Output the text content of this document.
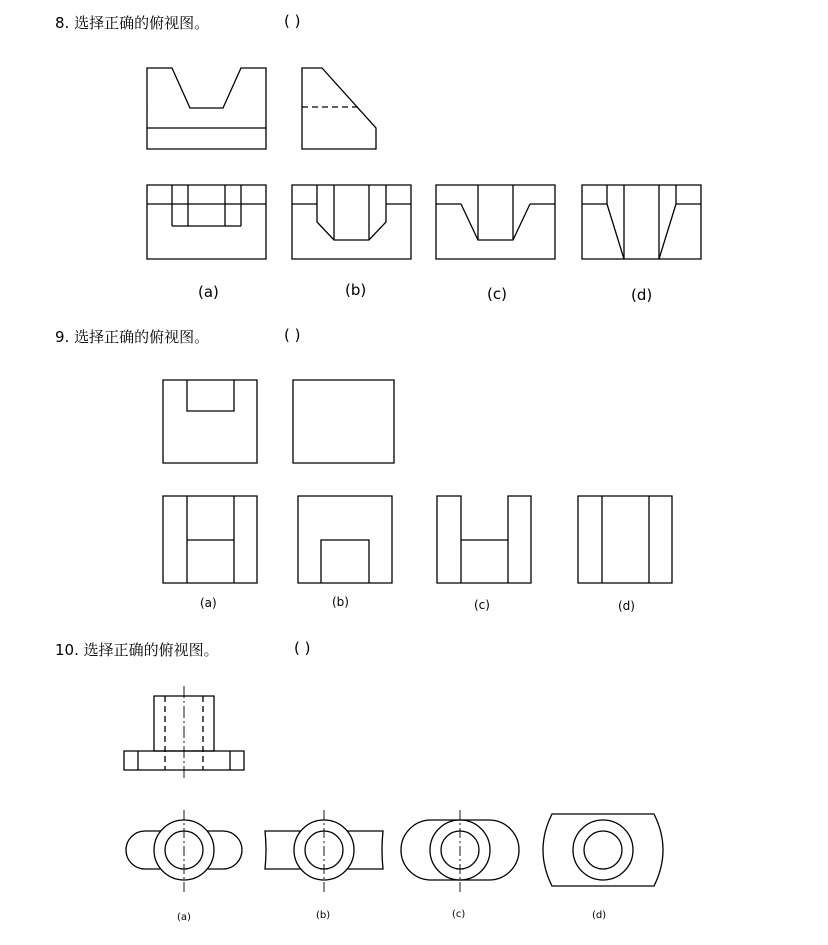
8. 选择正确的俯视图。	( )
9. 选择正确的俯视图。	( )
10. 选择正确的俯视图。	( )
(a)	(b)	(c)	(d)
(a)	(b)	(c)	(d)
(a)	(b)	(c)	(d)
